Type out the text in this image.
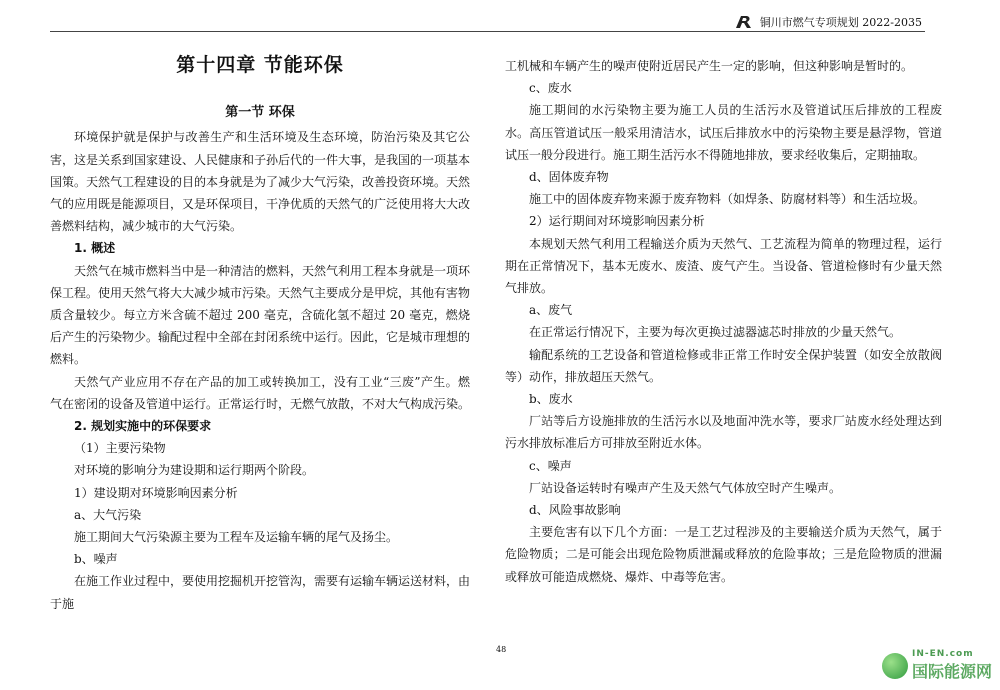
铜川市燃气专项规划 2022-2035
第十四章 节能环保
第一节 环保

环境保护就是保护与改善生产和生活环境及生态环境，防治污染及其它公害，这是关系到国家建设、人民健康和子孙后代的一件大事，是我国的一项基本国策。天然气工程建设的目的本身就是为了减少大气污染，改善投资环境。天然气的应用既是能源项目，又是环保项目，干净优质的天然气的广泛使用将大大改善燃料结构，减少城市的大气污染。

1. 概述

天然气在城市燃料当中是一种清洁的燃料，天然气利用工程本身就是一项环保工程。使用天然气将大大减少城市污染。天然气主要成分是甲烷，其他有害物质含量较少。每立方米含硫不超过 200 毫克，含硫化氢不超过 20 毫克，燃烧后产生的污染物少。输配过程中全部在封闭系统中运行。因此，它是城市理想的燃料。

天然气产业应用不存在产品的加工或转换加工，没有工业“三废”产生。燃气在密闭的设备及管道中运行。正常运行时，无燃气放散，不对大气构成污染。

2. 规划实施中的环保要求

（1）主要污染物

对环境的影响分为建设期和运行期两个阶段。

1）建设期对环境影响因素分析

a、大气污染

施工期间大气污染源主要为工程车及运输车辆的尾气及扬尘。

b、噪声

在施工作业过程中，要使用挖掘机开挖管沟，需要有运输车辆运送材料，由于施

工机械和车辆产生的噪声使附近居民产生一定的影响，但这种影响是暂时的。

c、废水

施工期间的水污染物主要为施工人员的生活污水及管道试压后排放的工程废水。高压管道试压一般采用清洁水，试压后排放水中的污染物主要是悬浮物，管道试压一般分段进行。施工期生活污水不得随地排放，要求经收集后，定期抽取。

d、固体废弃物

施工中的固体废弃物来源于废弃物料（如焊条、防腐材料等）和生活垃圾。

2）运行期间对环境影响因素分析

本规划天然气利用工程输送介质为天然气、工艺流程为简单的物理过程，运行期在正常情况下，基本无废水、废渣、废气产生。当设备、管道检修时有少量天然气排放。

a、废气

在正常运行情况下，主要为每次更换过滤器滤芯时排放的少量天然气。

输配系统的工艺设备和管道检修或非正常工作时安全保护装置（如安全放散阀等）动作，排放超压天然气。

b、废水

厂站等后方设施排放的生活污水以及地面冲洗水等，要求厂站废水经处理达到污水排放标准后方可排放至附近水体。

c、噪声

厂站设备运转时有噪声产生及天然气气体放空时产生噪声。

d、风险事故影响

主要危害有以下几个方面：一是工艺过程涉及的主要输送介质为天然气，属于危险物质；二是可能会出现危险物质泄漏或释放的危险事故；三是危险物质的泄漏或释放可能造成燃烧、爆炸、中毒等危害。

48	IN-EN.com
国际能源网
